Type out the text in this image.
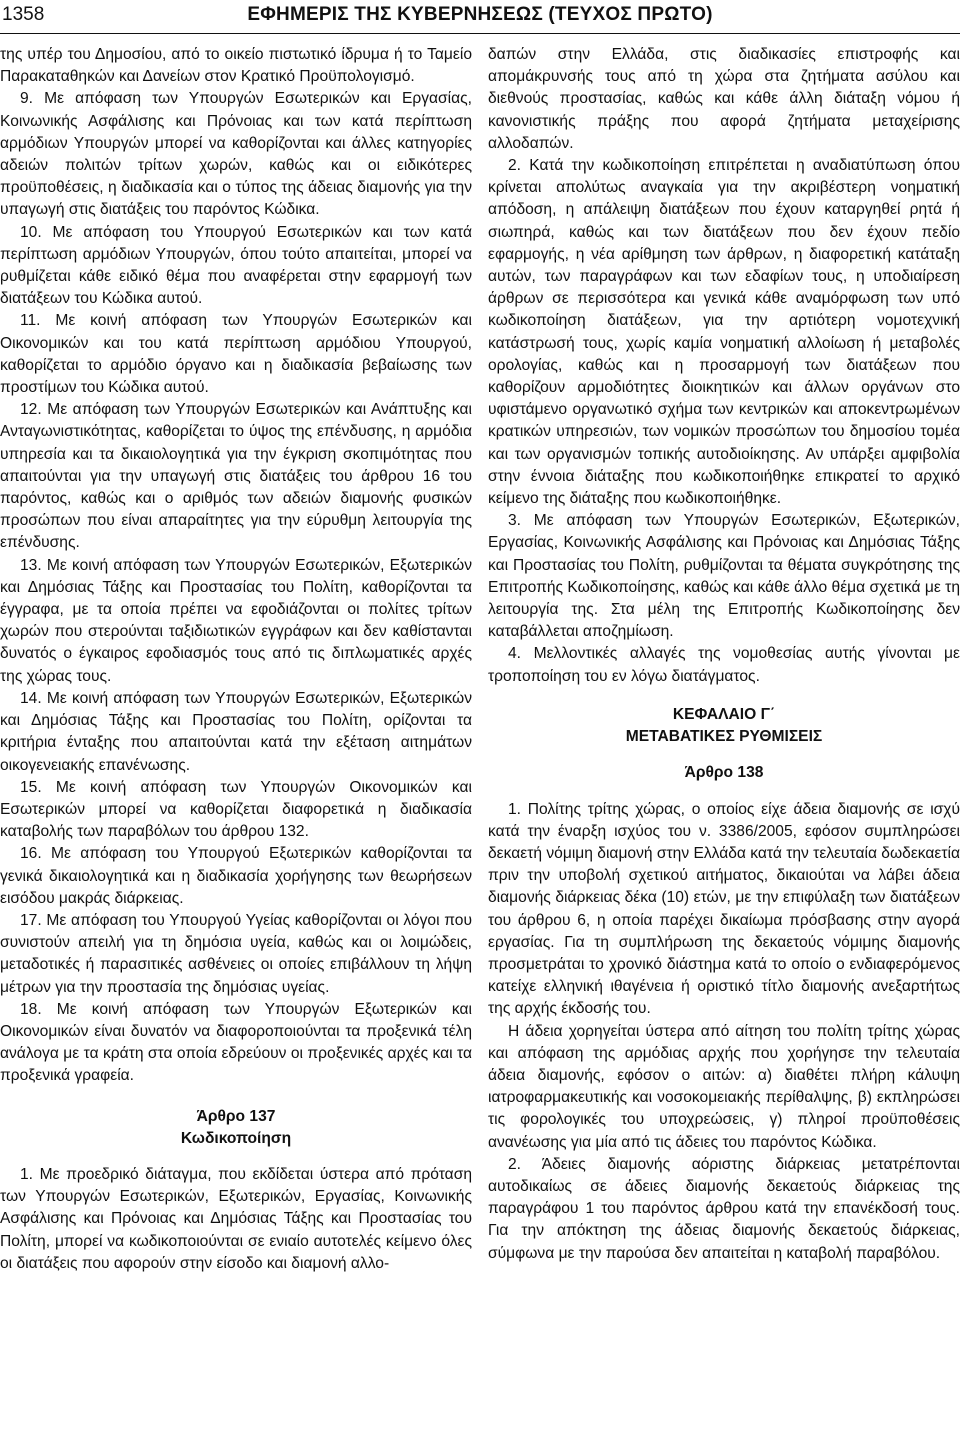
1358	ΕΦΗΜΕΡΙΣ ΤΗΣ ΚΥΒΕΡΝΗΣΕΩΣ (ΤΕΥΧΟΣ ΠΡΩΤΟ)

της υπέρ του Δημοσίου, από το οικείο πιστωτικό ίδρυμα ή το Ταμείο Παρακαταθηκών και Δανείων στον Κρατικό Προϋπολογισμό.

9. Με απόφαση των Υπουργών Εσωτερικών και Εργασίας, Κοινωνικής Ασφάλισης και Πρόνοιας και των κατά περίπτωση αρμόδιων Υπουργών μπορεί να καθορίζονται και άλλες κατηγορίες αδειών πολιτών τρίτων χωρών, καθώς και οι ειδικότερες προϋποθέσεις, η διαδικασία και ο τύπος της άδειας διαμονής για την υπαγωγή στις διατάξεις του παρόντος Κώδικα.

10. Με απόφαση του Υπουργού Εσωτερικών και των κατά περίπτωση αρμόδιων Υπουργών, όπου τούτο απαιτείται, μπορεί να ρυθμίζεται κάθε ειδικό θέμα που αναφέρεται στην εφαρμογή των διατάξεων του Κώδικα αυτού.

11. Με κοινή απόφαση των Υπουργών Εσωτερικών και Οικονομικών και του κατά περίπτωση αρμόδιου Υπουργού, καθορίζεται το αρμόδιο όργανο και η διαδικασία βεβαίωσης των προστίμων του Κώδικα αυτού.

12. Με απόφαση των Υπουργών Εσωτερικών και Ανάπτυξης και Ανταγωνιστικότητας, καθορίζεται το ύψος της επένδυσης, η αρμόδια υπηρεσία και τα δικαιολογητικά για την έγκριση σκοπιμότητας που απαιτούνται για την υπαγωγή στις διατάξεις του άρθρου 16 του παρόντος, καθώς και ο αριθμός των αδειών διαμονής φυσικών προσώπων που είναι απαραίτητες για την εύρυθμη λειτουργία της επένδυσης.

13. Με κοινή απόφαση των Υπουργών Εσωτερικών, Εξωτερικών και Δημόσιας Τάξης και Προστασίας του Πολίτη, καθορίζονται τα έγγραφα, με τα οποία πρέπει να εφοδιάζονται οι πολίτες τρίτων χωρών που στερούνται ταξιδιωτικών εγγράφων και δεν καθίστανται δυνατός ο έγκαιρος εφοδιασμός τους από τις διπλωματικές αρχές της χώρας τους.

14. Με κοινή απόφαση των Υπουργών Εσωτερικών, Εξωτερικών και Δημόσιας Τάξης και Προστασίας του Πολίτη, ορίζονται τα κριτήρια ένταξης που απαιτούνται κατά την εξέταση αιτημάτων οικογενειακής επανένωσης.

15. Με κοινή απόφαση των Υπουργών Οικονομικών και Εσωτερικών μπορεί να καθορίζεται διαφορετικά η διαδικασία καταβολής των παραβόλων του άρθρου 132.

16. Με απόφαση του Υπουργού Εξωτερικών καθορίζονται τα γενικά δικαιολογητικά και η διαδικασία χορήγησης των θεωρήσεων εισόδου μακράς διάρκειας.

17. Με απόφαση του Υπουργού Υγείας καθορίζονται οι λόγοι που συνιστούν απειλή για τη δημόσια υγεία, καθώς και οι λοιμώδεις, μεταδοτικές ή παρασιτικές ασθένειες οι οποίες επιβάλλουν τη λήψη μέτρων για την προστασία της δημόσιας υγείας.

18. Με κοινή απόφαση των Υπουργών Εξωτερικών και Οικονομικών είναι δυνατόν να διαφοροποιούνται τα προξενικά τέλη ανάλογα με τα κράτη στα οποία εδρεύουν οι προξενικές αρχές και τα προξενικά γραφεία.

Άρθρο 137

Κωδικοποίηση

1. Με προεδρικό διάταγμα, που εκδίδεται ύστερα από πρόταση των Υπουργών Εσωτερικών, Εξωτερικών, Εργασίας, Κοινωνικής Ασφάλισης και Πρόνοιας και Δημόσιας Τάξης και Προστασίας του Πολίτη, μπορεί να κωδικοποιούνται σε ενιαίο αυτοτελές κείμενο όλες οι διατάξεις που αφορούν στην είσοδο και διαμονή αλλο-

δαπών στην Ελλάδα, στις διαδικασίες επιστροφής και απομάκρυνσής τους από τη χώρα στα ζητήματα ασύλου και διεθνούς προστασίας, καθώς και κάθε άλλη διάταξη νόμου ή κανονιστικής πράξης που αφορά ζητήματα μεταχείρισης αλλοδαπών.

2. Κατά την κωδικοποίηση επιτρέπεται η αναδιατύπωση όπου κρίνεται απολύτως αναγκαία για την ακριβέστερη νοηματική απόδοση, η απάλειψη διατάξεων που έχουν καταργηθεί ρητά ή σιωπηρά, καθώς και των διατάξεων που δεν έχουν πεδίο εφαρμογής, η νέα αρίθμηση των άρθρων, η διαφορετική κατάταξη αυτών, των παραγράφων και των εδαφίων τους, η υποδιαίρεση άρθρων σε περισσότερα και γενικά κάθε αναμόρφωση των υπό κωδικοποίηση διατάξεων, για την αρτιότερη νομοτεχνική κατάστρωσή τους, χωρίς καμία νοηματική αλλοίωση ή μεταβολές ορολογίας, καθώς και η προσαρμογή των διατάξεων που καθορίζουν αρμοδιότητες διοικητικών και άλλων οργάνων στο υφιστάμενο οργανωτικό σχήμα των κεντρικών και αποκεντρωμένων κρατικών υπηρεσιών, των νομικών προσώπων του δημοσίου τομέα και των οργανισμών τοπικής αυτοδιοίκησης. Αν υπάρξει αμφιβολία στην έννοια διάταξης που κωδικοποιήθηκε επικρατεί το αρχικό κείμενο της διάταξης που κωδικοποιήθηκε.

3. Με απόφαση των Υπουργών Εσωτερικών, Εξωτερικών, Εργασίας, Κοινωνικής Ασφάλισης και Πρόνοιας και Δημόσιας Τάξης και Προστασίας του Πολίτη, ρυθμίζονται τα θέματα συγκρότησης της Επιτροπής Κωδικοποίησης, καθώς και κάθε άλλο θέμα σχετικά με τη λειτουργία της. Στα μέλη της Επιτροπής Κωδικοποίησης δεν καταβάλλεται αποζημίωση.

4. Μελλοντικές αλλαγές της νομοθεσίας αυτής γίνονται με τροποποίηση του εν λόγω διατάγματος.

ΚΕΦΑΛΑΙΟ Γ΄

ΜΕΤΑΒΑΤΙΚΕΣ ΡΥΘΜΙΣΕΙΣ

Άρθρο 138

1. Πολίτης τρίτης χώρας, ο οποίος είχε άδεια διαμονής σε ισχύ κατά την έναρξη ισχύος του ν. 3386/2005, εφόσον συμπληρώσει δεκαετή νόμιμη διαμονή στην Ελλάδα κατά την τελευταία δωδεκαετία πριν την υποβολή σχετικού αιτήματος, δικαιούται να λάβει άδεια διαμονής διάρκειας δέκα (10) ετών, με την επιφύλαξη των διατάξεων του άρθρου 6, η οποία παρέχει δικαίωμα πρόσβασης στην αγορά εργασίας. Για τη συμπλήρωση της δεκαετούς νόμιμης διαμονής προσμετράται το χρονικό διάστημα κατά το οποίο ο ενδιαφερόμενος κατείχε ελληνική ιθαγένεια ή οριστικό τίτλο διαμονής ανεξαρτήτως της αρχής έκδοσής του.

Η άδεια χορηγείται ύστερα από αίτηση του πολίτη τρίτης χώρας και απόφαση της αρμόδιας αρχής που χορήγησε την τελευταία άδεια διαμονής, εφόσον ο αιτών: α) διαθέτει πλήρη κάλυψη ιατροφαρμακευτικής και νοσοκομειακής περίθαλψης, β) εκπληρώσει τις φορολογικές του υποχρεώσεις, γ) πληροί προϋποθέσεις ανανέωσης για μία από τις άδειες του παρόντος Κώδικα.

2. Άδειες διαμονής αόριστης διάρκειας μετατρέπονται αυτοδικαίως σε άδειες διαμονής δεκαετούς διάρκειας της παραγράφου 1 του παρόντος άρθρου κατά την επανέκδοσή τους. Για την απόκτηση της άδειας διαμονής δεκαετούς διάρκειας, σύμφωνα με την παρούσα δεν απαιτείται η καταβολή παραβόλου.
